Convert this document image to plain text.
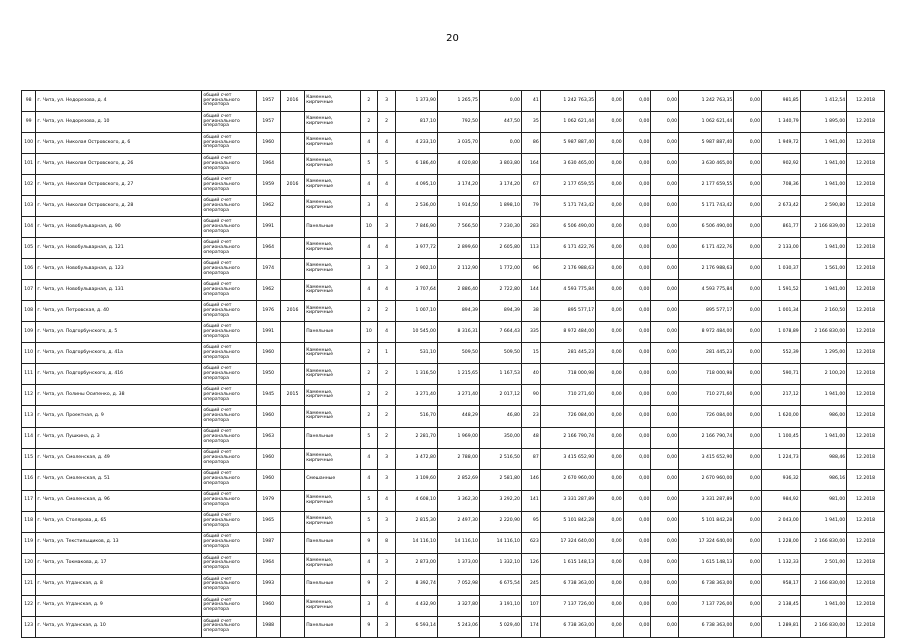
20
98	г. Чита, ул. Недорезова, д. 4	общий счет регионального оператора	1957	2016	Каменные, кирпичные	2	3	1 373,90	1 265,75	0,00	41	1 242 763,35	0,00	0,00	0,00	1 242 763,35	0,00	981,85	1 412,54	12.2018
99	г. Чита, ул. Недорезова, д. 10	общий счет регионального оператора	1957		Каменные, кирпичные	2	2	817,10	792,50	447,50	35	1 062 621,44	0,00	0,00	0,00	1 062 621,44	0,00	1 340,79	1 895,00	12.2018
100	г. Чита, ул. Николая Островского, д. 6	общий счет регионального оператора	1960		Каменные, кирпичные	4	4	4 233,10	3 035,70	0,00	86	5 987 887,40	0,00	0,00	0,00	5 987 887,40	0,00	1 949,72	1 941,00	12.2018
101	г. Чита, ул. Николая Островского, д. 26	общий счет регионального оператора	1964		Каменные, кирпичные	5	5	6 186,40	4 020,80	3 803,80	164	3 630 465,00	0,00	0,00	0,00	3 630 465,00	0,00	902,92	1 941,00	12.2018
102	г. Чита, ул. Николая Островского, д. 27	общий счет регионального оператора	1959	2016	Каменные, кирпичные	4	4	4 095,10	3 174,20	3 174,20	67	2 177 659,55	0,00	0,00	0,00	2 177 659,55	0,00	708,36	1 941,00	12.2018
103	г. Чита, ул. Николая Островского, д. 28	общий счет регионального оператора	1962		Каменные, кирпичные	3	4	2 536,00	1 914,50	1 898,10	79	5 171 743,42	0,00	0,00	0,00	5 171 743,42	0,00	2 673,42	2 590,80	12.2018
104	г. Чита, ул. Новобульварная, д. 90	общий счет регионального оператора	1991		Панельные	10	3	7 846,90	7 566,50	7 230,30	283	6 506 490,00	0,00	0,00	0,00	6 506 490,00	0,00	861,77	2 166 839,00	12.2018
105	г. Чита, ул. Новобульварная, д. 121	общий счет регионального оператора	1964		Каменные, кирпичные	4	4	3 977,72	2 899,60	2 605,80	113	6 171 422,76	0,00	0,00	0,00	6 171 422,76	0,00	2 133,00	1 941,00	12.2018
106	г. Чита, ул. Новобульварная, д. 123	общий счет регионального оператора	1974		Каменные, кирпичные	3	3	2 902,10	2 112,90	1 772,00	96	2 176 988,63	0,00	0,00	0,00	2 176 988,63	0,00	1 030,37	1 561,00	12.2018
107	г. Чита, ул. Новобульварная, д. 131	общий счет регионального оператора	1962		Каменные, кирпичные	4	4	3 707,64	2 886,40	2 722,80	144	4 593 775,84	0,00	0,00	0,00	4 593 775,84	0,00	1 591,52	1 941,00	12.2018
108	г. Чита, ул. Петровская, д. 40	общий счет регионального оператора	1976	2016	Каменные, кирпичные	2	2	1 007,10	894,39	894,39	38	895 577,17	0,00	0,00	0,00	895 577,17	0,00	1 001,34	2 160,50	12.2018
109	г. Чита, ул. Подгорбунского, д. 5	общий счет регионального оператора	1991		Панельные	10	4	10 545,00	8 316,31	7 664,43	335	8 972 484,00	0,00	0,00	0,00	8 972 484,00	0,00	1 078,89	2 166 830,00	12.2018
110	г. Чита, ул. Подгорбунского, д. 41а	общий счет регионального оператора	1960		Каменные, кирпичные	2	1	531,10	509,50	509,50	15	281 445,23	0,00	0,00	0,00	281 445,23	0,00	552,39	1 295,00	12.2018
111	г. Чита, ул. Подгорбунского, д. 41б	общий счет регионального оператора	1950		Каменные, кирпичные	2	2	1 316,50	1 215,65	1 167,53	40	718 000,98	0,00	0,00	0,00	718 000,98	0,00	590,71	2 100,20	12.2018
112	г. Чита, ул. Полины Осипенко, д. 38	общий счет регионального оператора	1945	2015	Каменные, кирпичные	2	2	3 271,40	3 271,40	2 017,12	90	710 271,60	0,00	0,00	0,00	710 271,60	0,00	217,12	1 941,00	12.2018
113	г. Чита, ул. Проектная, д. 9	общий счет регионального оператора	1960		Каменные, кирпичные	2	2	516,70	448,29	46,80	23	726 084,00	0,00	0,00	0,00	726 084,00	0,00	1 620,00	986,00	12.2018
114	г. Чита, ул. Пушкина, д. 3	общий счет регионального оператора	1963		Панельные	5	2	2 281,70	1 969,00	350,00	48	2 166 790,74	0,00	0,00	0,00	2 166 790,74	0,00	1 100,45	1 941,00	12.2018
115	г. Чита, ул. Смоленская, д. 49	общий счет регионального оператора	1960		Каменные, кирпичные	4	3	3 472,80	2 788,00	2 516,50	87	3 415 652,90	0,00	0,00	0,00	3 415 652,90	0,00	1 224,73	988,46	12.2018
116	г. Чита, ул. Смоленская, д. 51	общий счет регионального оператора	1960		Смешанные	4	3	3 109,60	2 852,69	2 581,80	146	2 670 960,00	0,00	0,00	0,00	2 670 960,00	0,00	936,32	986,16	12.2018
117	г. Чита, ул. Смоленская, д. 96	общий счет регионального оператора	1979		Каменные, кирпичные	5	4	4 608,10	3 362,30	3 292,20	141	3 331 287,89	0,00	0,00	0,00	3 331 287,89	0,00	984,92	981,00	12.2018
118	г. Чита, ул. Столярова, д. 65	общий счет регионального оператора	1965		Каменные, кирпичные	5	3	2 815,30	2 497,30	2 220,90	95	5 101 842,28	0,00	0,00	0,00	5 101 842,28	0,00	2 043,00	1 941,00	12.2018
119	г. Чита, ул. Текстильщиков, д. 13	общий счет регионального оператора	1987		Панельные	9	8	14 116,10	14 116,10	14 116,10	623	17 324 640,00	0,00	0,00	0,00	17 324 640,00	0,00	1 228,00	2 166 830,00	12.2018
120	г. Чита, ул. Токмакова, д. 17	общий счет регионального оператора	1964		Каменные, кирпичные	4	3	2 873,00	1 373,00	1 332,10	126	1 615 148,13	0,00	0,00	0,00	1 615 148,13	0,00	1 132,33	2 501,00	12.2018
121	г. Чита, ул. Угданская, д. 8	общий счет регионального оператора	1993		Панельные	9	2	8 392,74	7 052,98	6 675,54	245	6 738 363,00	0,00	0,00	0,00	6 738 363,00	0,00	958,17	2 166 830,00	12.2018
122	г. Чита, ул. Угданская, д. 9	общий счет регионального оператора	1960		Каменные, кирпичные	3	4	4 432,90	3 327,80	3 191,10	107	7 137 726,00	0,00	0,00	0,00	7 137 726,00	0,00	2 138,45	1 941,00	12.2018
123	г. Чита, ул. Угданская, д. 10	общий счет регионального оператора	1988		Панельные	9	3	6 593,14	5 243,06	5 029,40	174	6 738 363,00	0,00	0,00	0,00	6 738 363,00	0,00	1 289,81	2 166 830,00	12.2018
